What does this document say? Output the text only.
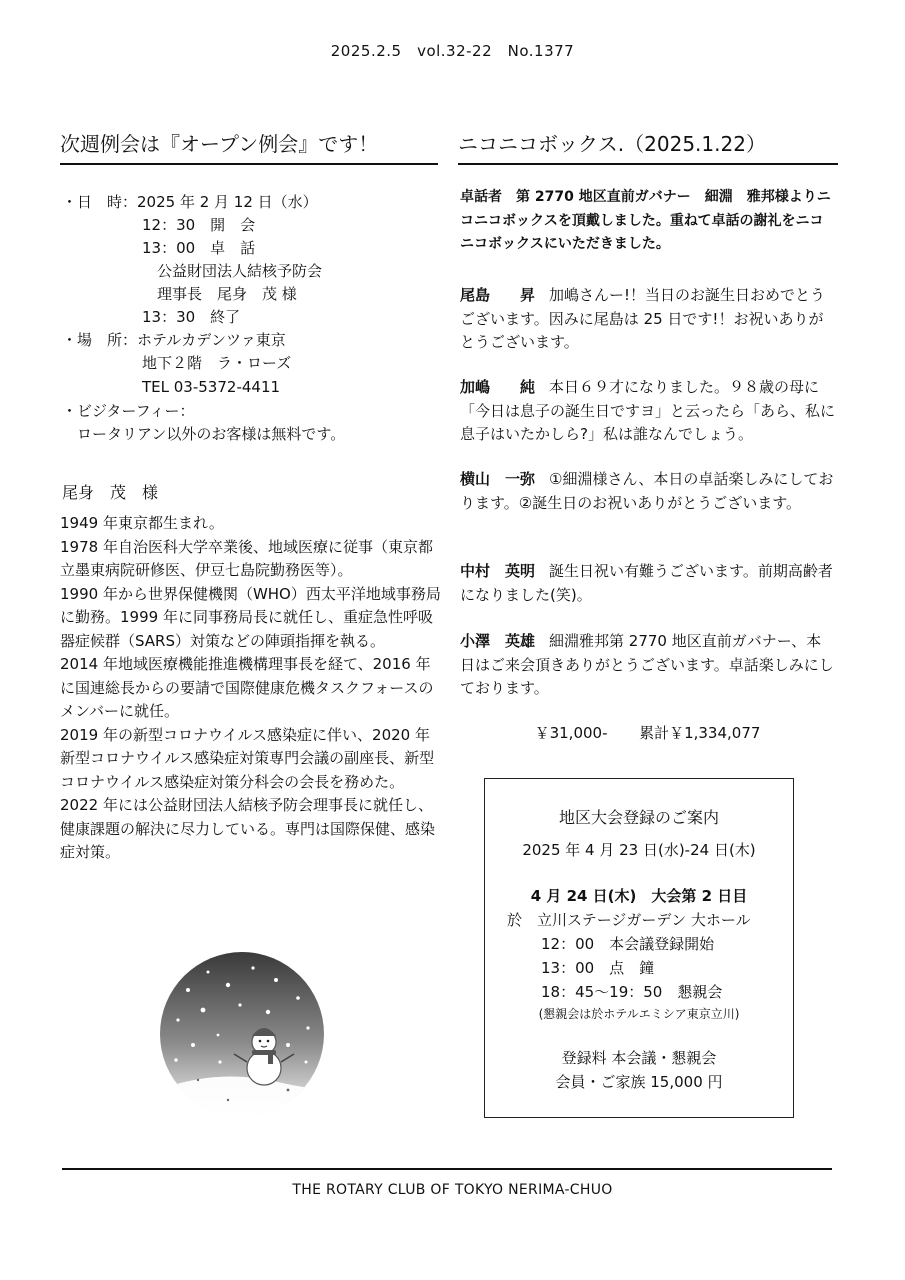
2025.2.5　vol.32-22　No.1377
次週例会は『オープン例会』です！
・日　時：2025 年 2 月 12 日（水）
12：30　開　会
13：00　卓　話
公益財団法人結核予防会
理事長　尾身　茂 様
13：30　終了
・場　所：ホテルカデンツァ東京
地下２階　ラ・ローズ
TEL 03-5372-4411
・ビジターフィー：
ロータリアン以外のお客様は無料です。
尾身　茂　様

1949 年東京都生まれ。

1978 年自治医科大学卒業後、地域医療に従事（東京都立墨東病院研修医、伊豆七島院勤務医等）。

1990 年から世界保健機関（WHO）西太平洋地域事務局に勤務。1999 年に同事務局長に就任し、重症急性呼吸器症候群（SARS）対策などの陣頭指揮を執る。

2014 年地域医療機能推進機構理事長を経て、2016 年に国連総長からの要請で国際健康危機タスクフォースのメンバーに就任。

2019 年の新型コロナウイルス感染症に伴い、2020 年新型コロナウイルス感染症対策専門会議の副座長、新型コロナウイルス感染症対策分科会の会長を務めた。

2022 年には公益財団法人結核予防会理事長に就任し、健康課題の解決に尽力している。専門は国際保健、感染症対策。

ニコニコボックス.（2025.1.22）
卓話者　第 2770 地区直前ガバナー　細淵　雅邦様よりニコニコボックスを頂戴しました。重ねて卓話の謝礼をニコニコボックスにいただきました。
尾島　　昇 加嶋さんー!！当日のお誕生日おめでとうございます。因みに尾島は 25 日です!！お祝いありがとうございます。
加嶋　　純 本日６９才になりました。９８歳の母に「今日は息子の誕生日ですヨ」と云ったら「あら、私に息子はいたかしら?」私は誰なんでしょう。
横山　一弥 ①細淵様さん、本日の卓話楽しみにしております。②誕生日のお祝いありがとうございます。
中村　英明 誕生日祝い有難うございます。前期高齢者になりました(笑)。
小澤　英雄 細淵雅邦第 2770 地区直前ガバナー、本日はご来会頂きありがとうございます。卓話楽しみにしております。
￥31,000- 累計￥1,334,077
地区大会登録のご案内
2025 年 4 月 23 日(水)-24 日(木)
4 月 24 日(木)　大会第 2 日目
於　立川ステージガーデン 大ホール
12：00　本会議登録開始
13：00　点　鐘
18：45～19：50　懇親会
(懇親会は於ホテルエミシア東京立川)
登録料 本会議・懇親会
会員・ご家族 15,000 円
THE ROTARY CLUB OF TOKYO NERIMA-CHUO
